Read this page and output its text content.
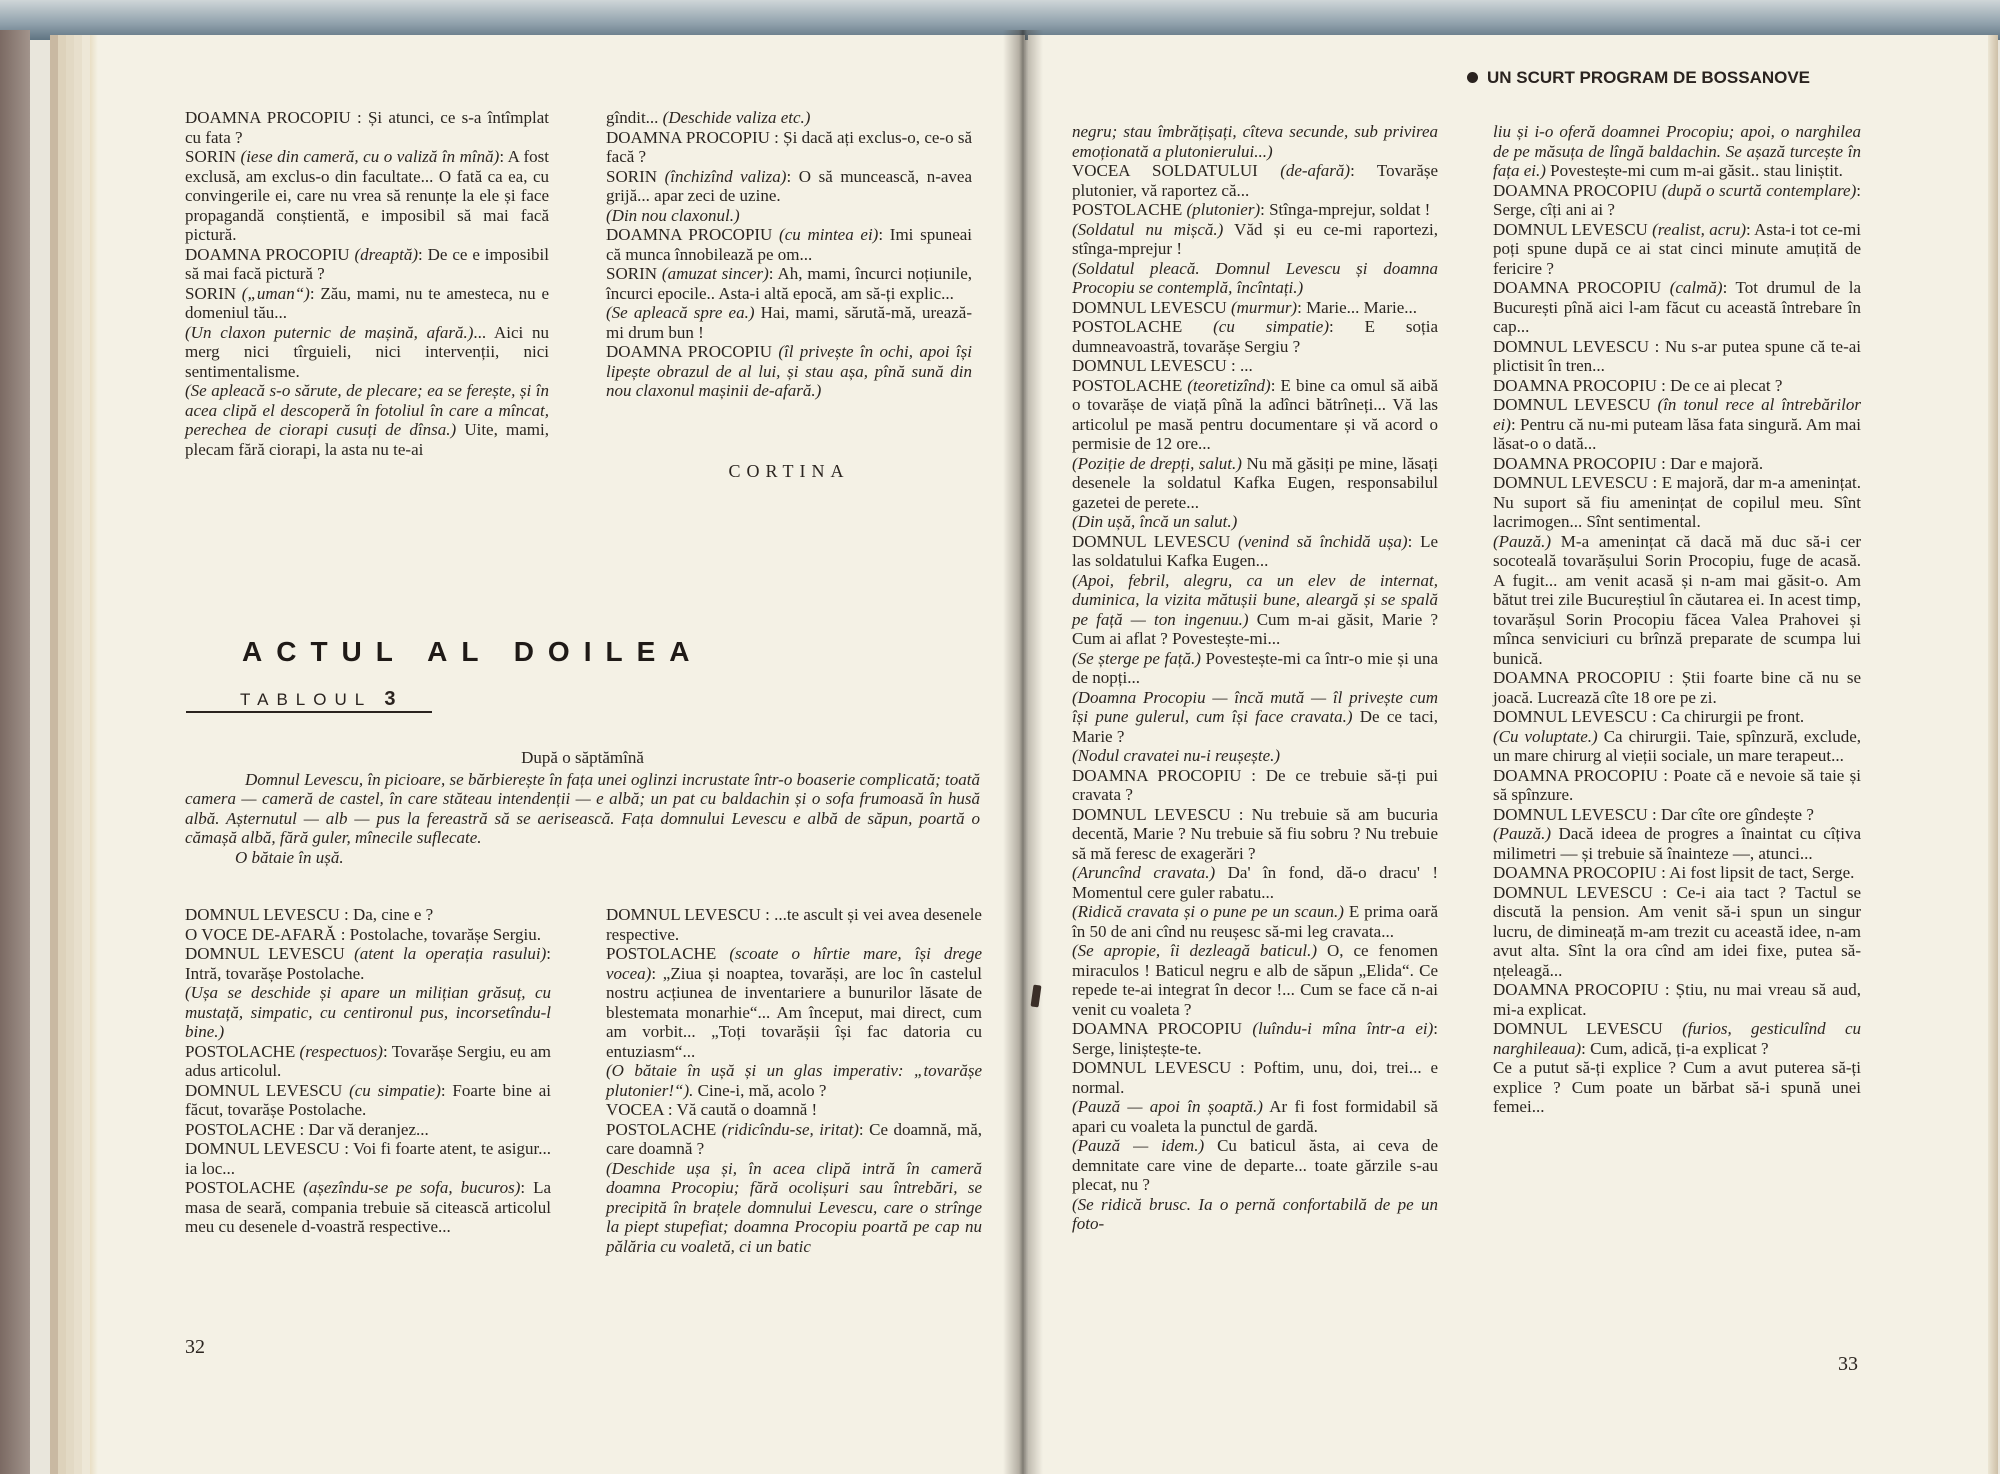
DOAMNA PROCOPIU : Și atunci, ce s-a întîmplat cu fata ?

SORIN (iese din cameră, cu o valiză în mînă): A fost exclusă, am exclus-o din facultate... O fată ca ea, cu convingerile ei, care nu vrea să renunțe la ele și face propagandă conștientă, e imposibil să mai facă pictură.

DOAMNA PROCOPIU (dreaptă): De ce e imposibil să mai facă pictură ?

SORIN („uman“): Zău, mami, nu te amesteca, nu e domeniul tău...

(Un claxon puternic de mașină, afară.)... Aici nu merg nici tîrguieli, nici intervenții, nici sentimentalisme.

(Se apleacă s-o sărute, de plecare; ea se ferește, și în acea clipă el descoperă în fotoliul în care a mîncat, perechea de ciorapi cusuți de dînsa.) Uite, mami, plecam fără ciorapi, la asta nu te-ai

gîndit... (Deschide valiza etc.)

DOAMNA PROCOPIU : Și dacă ați exclus-o, ce-o să facă ?

SORIN (închizînd valiza): O să muncească, n-avea grijă... apar zeci de uzine.

(Din nou claxonul.)

DOAMNA PROCOPIU (cu mintea ei): Imi spuneai că munca înnobilează pe om...

SORIN (amuzat sincer): Ah, mami, încurci noțiunile, încurci epocile.. Asta-i altă epocă, am să-ți explic...

(Se apleacă spre ea.) Hai, mami, sărută-mă, urează-mi drum bun !

DOAMNA PROCOPIU (îl privește în ochi, apoi își lipește obrazul de al lui, și stau așa, pînă sună din nou claxonul mașinii de-afară.)

CORTINA
ACTUL AL DOILEA
TABLOUL 3

După o săptămînă

Domnul Levescu, în picioare, se bărbierește în fața unei oglinzi incrustate într-o boaserie complicată; toată camera — cameră de castel, în care stăteau intendenții — e albă; un pat cu baldachin și o sofa frumoasă în husă albă. Așternutul — alb — pus la fereastră să se aerisească. Fața domnului Levescu e albă de săpun, poartă o cămașă albă, fără guler, mînecile suflecate.

O bătaie în ușă.

DOMNUL LEVESCU : Da, cine e ?

O VOCE DE-AFARĂ : Postolache, tovarășe Sergiu.

DOMNUL LEVESCU (atent la operația rasului): Intră, tovarășe Postolache.

(Ușa se deschide și apare un milițian grăsuț, cu mustață, simpatic, cu centironul pus, incorsetîndu-l bine.)

POSTOLACHE (respectuos): Tovarășe Sergiu, eu am adus articolul.

DOMNUL LEVESCU (cu simpatie): Foarte bine ai făcut, tovarășe Postolache.

POSTOLACHE : Dar vă deranjez...

DOMNUL LEVESCU : Voi fi foarte atent, te asigur... ia loc...

POSTOLACHE (așezîndu-se pe sofa, bucuros): La masa de seară, compania trebuie să citească articolul meu cu desenele d-voastră respective...

DOMNUL LEVESCU : ...te ascult și vei avea desenele respective.

POSTOLACHE (scoate o hîrtie mare, își drege vocea): „Ziua și noaptea, tovarăși, are loc în castelul nostru acțiunea de inventariere a bunurilor lăsate de blestemata monarhie“... Am început, mai direct, cum am vorbit... „Toți tovarășii își fac datoria cu entuziasm“...

(O bătaie în ușă și un glas imperativ: „tovarășe plutonier!“). Cine-i, mă, acolo ?

VOCEA : Vă caută o doamnă !

POSTOLACHE (ridicîndu-se, iritat): Ce doamnă, mă, care doamnă ?

(Deschide ușa și, în acea clipă intră în cameră doamna Procopiu; fără ocolișuri sau întrebări, se precipită în brațele domnului Levescu, care o strînge la piept stupefiat; doamna Procopiu poartă pe cap nu pălăria cu voaletă, ci un batic

32
UN SCURT PROGRAM DE BOSSANOVE

negru; stau îmbrățișați, cîteva secunde, sub privirea emoționată a plutonierului...)

VOCEA SOLDATULUI (de-afară): Tovarășe plutonier, vă raportez că...

POSTOLACHE (plutonier): Stînga-mprejur, soldat !

(Soldatul nu mișcă.) Văd și eu ce-mi raportezi, stînga-mprejur !

(Soldatul pleacă. Domnul Levescu și doamna Procopiu se contemplă, încîntați.)

DOMNUL LEVESCU (murmur): Marie... Marie...

POSTOLACHE (cu simpatie): E soția dumneavoastră, tovarășe Sergiu ?

DOMNUL LEVESCU : ...

POSTOLACHE (teoretizînd): E bine ca omul să aibă o tovarășe de viață pînă la adînci bătrîneți... Vă las articolul pe masă pentru documentare și vă acord o permisie de 12 ore...

(Poziție de drepți, salut.) Nu mă găsiți pe mine, lăsați desenele la soldatul Kafka Eugen, responsabilul gazetei de perete...

(Din ușă, încă un salut.)

DOMNUL LEVESCU (venind să închidă ușa): Le las soldatului Kafka Eugen...

(Apoi, febril, alegru, ca un elev de internat, duminica, la vizita mătușii bune, aleargă și se spală pe față — ton ingenuu.) Cum m-ai găsit, Marie ? Cum ai aflat ? Povestește-mi...

(Se șterge pe față.) Povestește-mi ca într-o mie și una de nopți...

(Doamna Procopiu — încă mută — îl privește cum își pune gulerul, cum își face cravata.) De ce taci, Marie ?

(Nodul cravatei nu-i reușește.)

DOAMNA PROCOPIU : De ce trebuie să-ți pui cravata ?

DOMNUL LEVESCU : Nu trebuie să am bucuria decentă, Marie ? Nu trebuie să fiu sobru ? Nu trebuie să mă feresc de exagerări ?

(Aruncînd cravata.) Da' în fond, dă-o dracu' ! Momentul cere guler rabatu...

(Ridică cravata și o pune pe un scaun.) E prima oară în 50 de ani cînd nu reușesc să-mi leg cravata...

(Se apropie, îi dezleagă baticul.) O, ce fenomen miraculos ! Baticul negru e alb de săpun „Elida“. Ce repede te-ai integrat în decor !... Cum se face că n-ai venit cu voaleta ?

DOAMNA PROCOPIU (luîndu-i mîna într-a ei): Serge, liniștește-te.

DOMNUL LEVESCU : Poftim, unu, doi, trei... e normal.

(Pauză — apoi în șoaptă.) Ar fi fost formidabil să apari cu voaleta la punctul de gardă.

(Pauză — idem.) Cu baticul ăsta, ai ceva de demnitate care vine de departe... toate gărzile s-au plecat, nu ?

(Se ridică brusc. Ia o pernă confortabilă de pe un foto-

liu și i-o oferă doamnei Procopiu; apoi, o narghilea de pe măsuța de lîngă baldachin. Se așază turcește în fața ei.) Povestește-mi cum m-ai găsit.. stau liniștit.

DOAMNA PROCOPIU (după o scurtă contemplare): Serge, cîți ani ai ?

DOMNUL LEVESCU (realist, acru): Asta-i tot ce-mi poți spune după ce ai stat cinci minute amuțită de fericire ?

DOAMNA PROCOPIU (calmă): Tot drumul de la București pînă aici l-am făcut cu această întrebare în cap...

DOMNUL LEVESCU : Nu s-ar putea spune că te-ai plictisit în tren...

DOAMNA PROCOPIU : De ce ai plecat ?

DOMNUL LEVESCU (în tonul rece al întrebărilor ei): Pentru că nu-mi puteam lăsa fata singură. Am mai lăsat-o o dată...

DOAMNA PROCOPIU : Dar e majoră.

DOMNUL LEVESCU : E majoră, dar m-a amenințat. Nu suport să fiu amenințat de copilul meu. Sînt lacrimogen... Sînt sentimental.

(Pauză.) M-a amenințat că dacă mă duc să-i cer socoteală tovarășului Sorin Procopiu, fuge de acasă. A fugit... am venit acasă și n-am mai găsit-o. Am bătut trei zile Bucureștiul în căutarea ei. In acest timp, tovarășul Sorin Procopiu făcea Valea Prahovei și mînca senviciuri cu brînză preparate de scumpa lui bunică.

DOAMNA PROCOPIU : Știi foarte bine că nu se joacă. Lucrează cîte 18 ore pe zi.

DOMNUL LEVESCU : Ca chirurgii pe front.

(Cu voluptate.) Ca chirurgii. Taie, spînzură, exclude, un mare chirurg al vieții sociale, un mare terapeut...

DOAMNA PROCOPIU : Poate că e nevoie să taie și să spînzure.

DOMNUL LEVESCU : Dar cîte ore gîndește ?

(Pauză.) Dacă ideea de progres a înaintat cu cîțiva milimetri — și trebuie să înainteze —, atunci...

DOAMNA PROCOPIU : Ai fost lipsit de tact, Serge.

DOMNUL LEVESCU : Ce-i aia tact ? Tactul se discută la pension. Am venit să-i spun un singur lucru, de dimineață m-am trezit cu această idee, n-am avut alta. Sînt la ora cînd am idei fixe, putea să-nțeleagă...

DOAMNA PROCOPIU : Știu, nu mai vreau să aud, mi-a explicat.

DOMNUL LEVESCU (furios, gesticulînd cu narghileaua): Cum, adică, ți-a explicat ?

Ce a putut să-ți explice ? Cum a avut puterea să-ți explice ? Cum poate un bărbat să-i spună unei femei...

33
